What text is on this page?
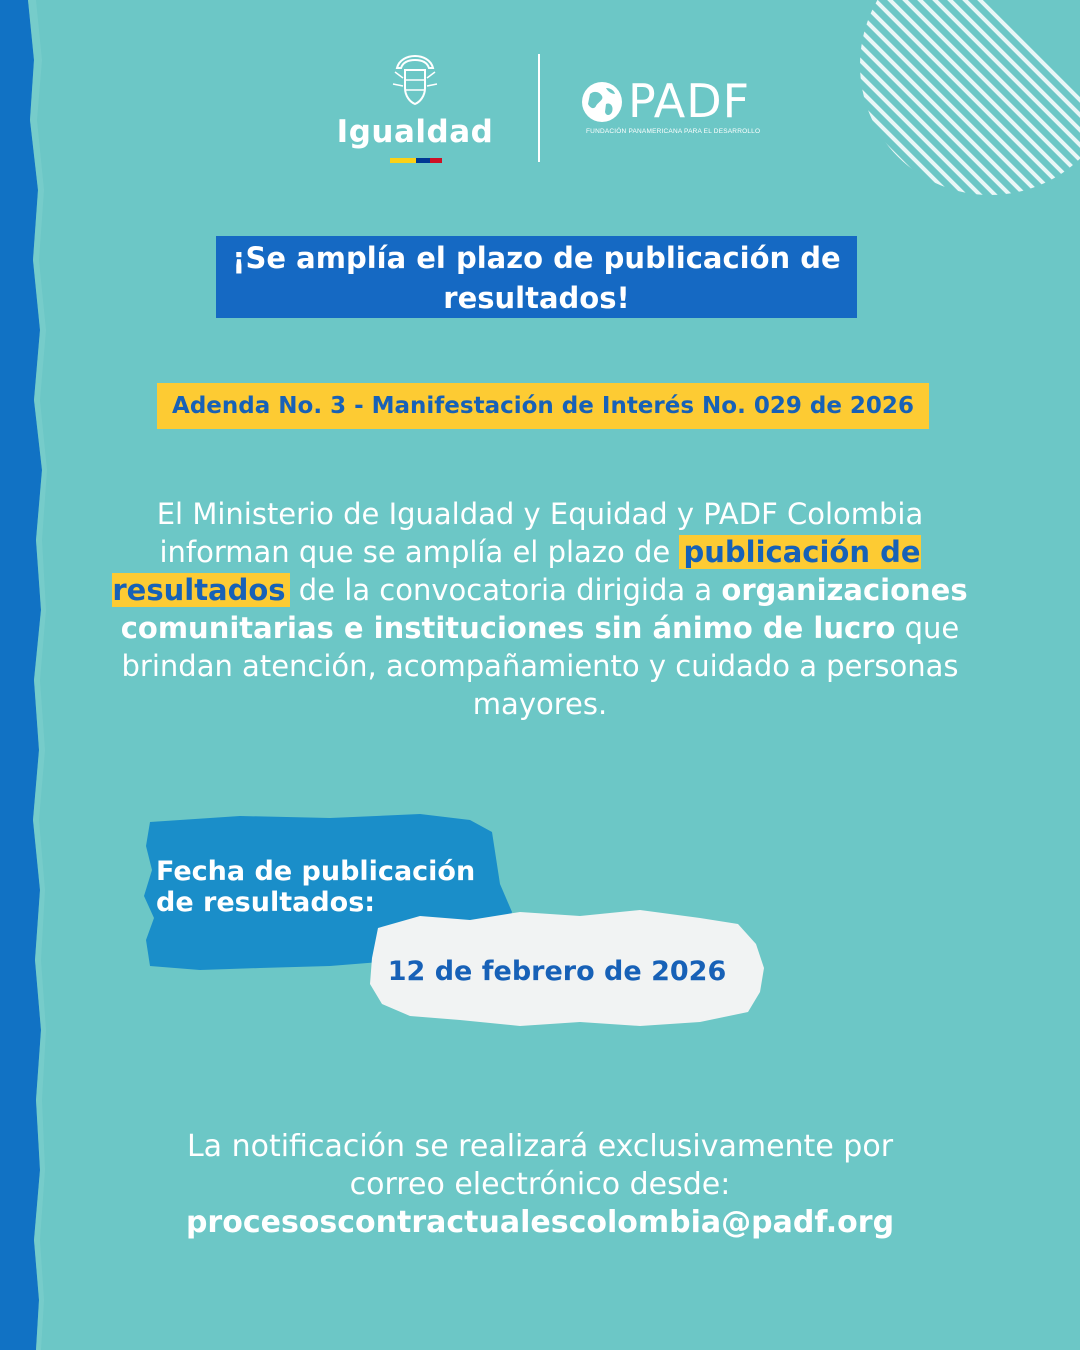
Igualdad
PADF
FUNDACIÓN PANAMERICANA PARA EL DESARROLLO
¡Se amplía el plazo de publicación de
resultados!
Adenda No. 3 - Manifestación de Interés No. 029 de 2026
El Ministerio de Igualdad y Equidad y PADF Colombia informan que se amplía el plazo de publicación de resultados de la convocatoria dirigida a organizaciones comunitarias e instituciones sin ánimo de lucro que brindan atención, acompañamiento y cuidado a personas mayores.
Fecha de publicación
de resultados:
12 de febrero de 2026
La notificación se realizará exclusivamente por
correo electrónico desde:
procesoscontractualescolombia@padf.org
